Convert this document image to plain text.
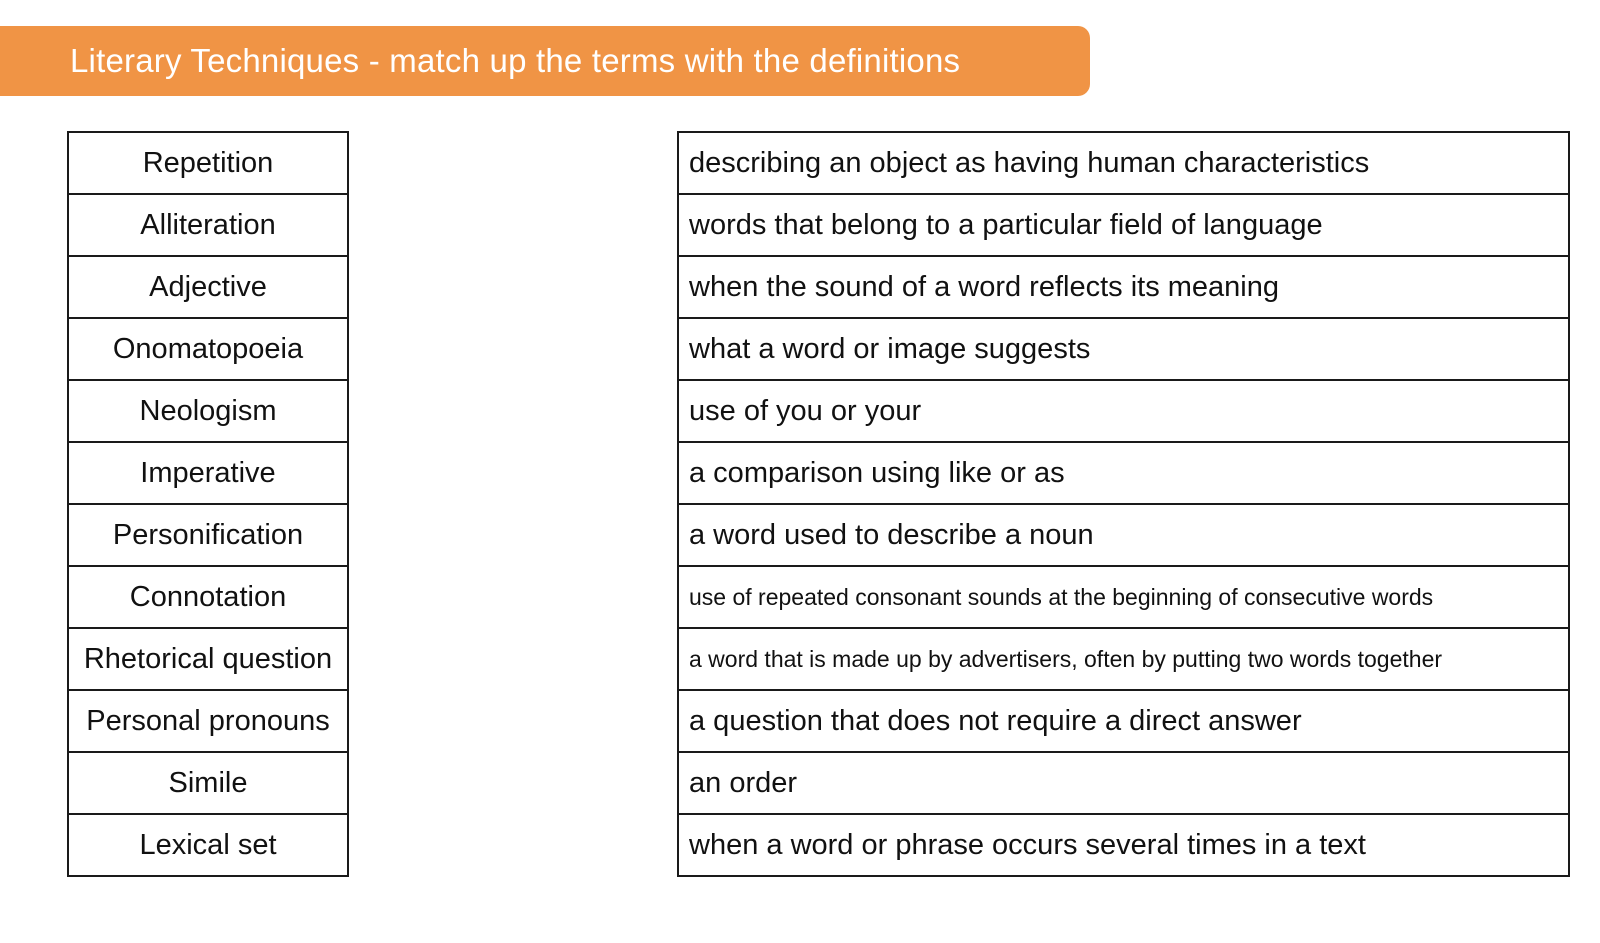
Literary Techniques - match up the terms with the definitions
Repetition
Alliteration
Adjective
Onomatopoeia
Neologism
Imperative
Personification
Connotation
Rhetorical question
Personal pronouns
Simile
Lexical set
describing an object as having human characteristics
words that belong to a particular field of language
when the sound of a word reflects its meaning
what a word or image suggests
use of you or your
a comparison using like or as
a word used to describe a noun
use of repeated consonant sounds at the beginning of consecutive words
a word that is made up by advertisers, often by putting two words together
a question that does not require a direct answer
an order
when a word or phrase occurs several times in a text
